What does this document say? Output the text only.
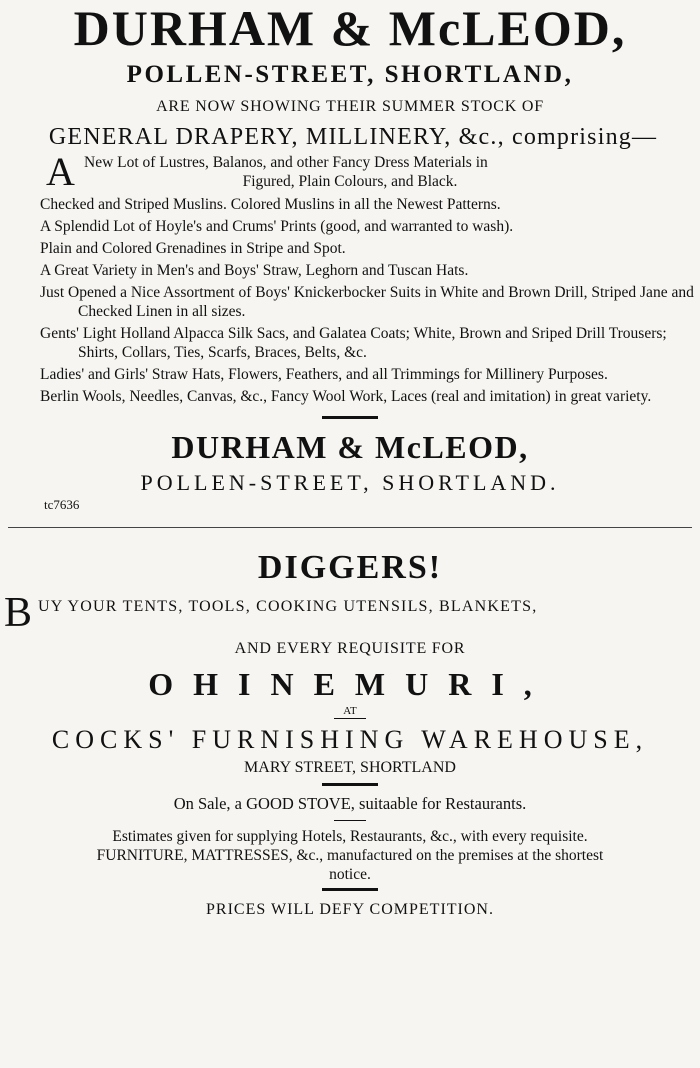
DURHAM & McLEOD,
POLLEN-STREET, SHORTLAND,
ARE NOW SHOWING THEIR SUMMER STOCK OF
GENERAL DRAPERY, MILLINERY, &c., comprising—
A New Lot of Lustres, Balanos, and other Fancy Dress Materials in
Figured, Plain Colours, and Black.
Checked and Striped Muslins. Colored Muslins in all the Newest Patterns.
A Splendid Lot of Hoyle's and Crums' Prints (good, and warranted to wash).
Plain and Colored Grenadines in Stripe and Spot.
A Great Variety in Men's and Boys' Straw, Leghorn and Tuscan Hats.
Just Opened a Nice Assortment of Boys' Knickerbocker Suits in White and Brown Drill, Striped Jane and Checked Linen in all sizes.
Gents' Light Holland Alpacca Silk Sacs, and Galatea Coats; White, Brown and Sriped Drill Trousers; Shirts, Collars, Ties, Scarfs, Braces, Belts, &c.
Ladies' and Girls' Straw Hats, Flowers, Feathers, and all Trimmings for Millinery Purposes.
Berlin Wools, Needles, Canvas, &c., Fancy Wool Work, Laces (real and imitation) in great variety.
DURHAM & McLEOD,
POLLEN-STREET, SHORTLAND.
tc7636
DIGGERS!
B UY YOUR TENTS, TOOLS, COOKING UTENSILS, BLANKETS,
AND EVERY REQUISITE FOR
OHINEMURI,
AT
COCKS' FURNISHING WAREHOUSE,
MARY STREET, SHORTLAND
On Sale, a GOOD STOVE, suitaable for Restaurants.
Estimates given for supplying Hotels, Restaurants, &c., with every requisite.
FURNITURE, MATTRESSES, &c., manufactured on the premises at the shortest
notice.
PRICES WILL DEFY COMPETITION.
